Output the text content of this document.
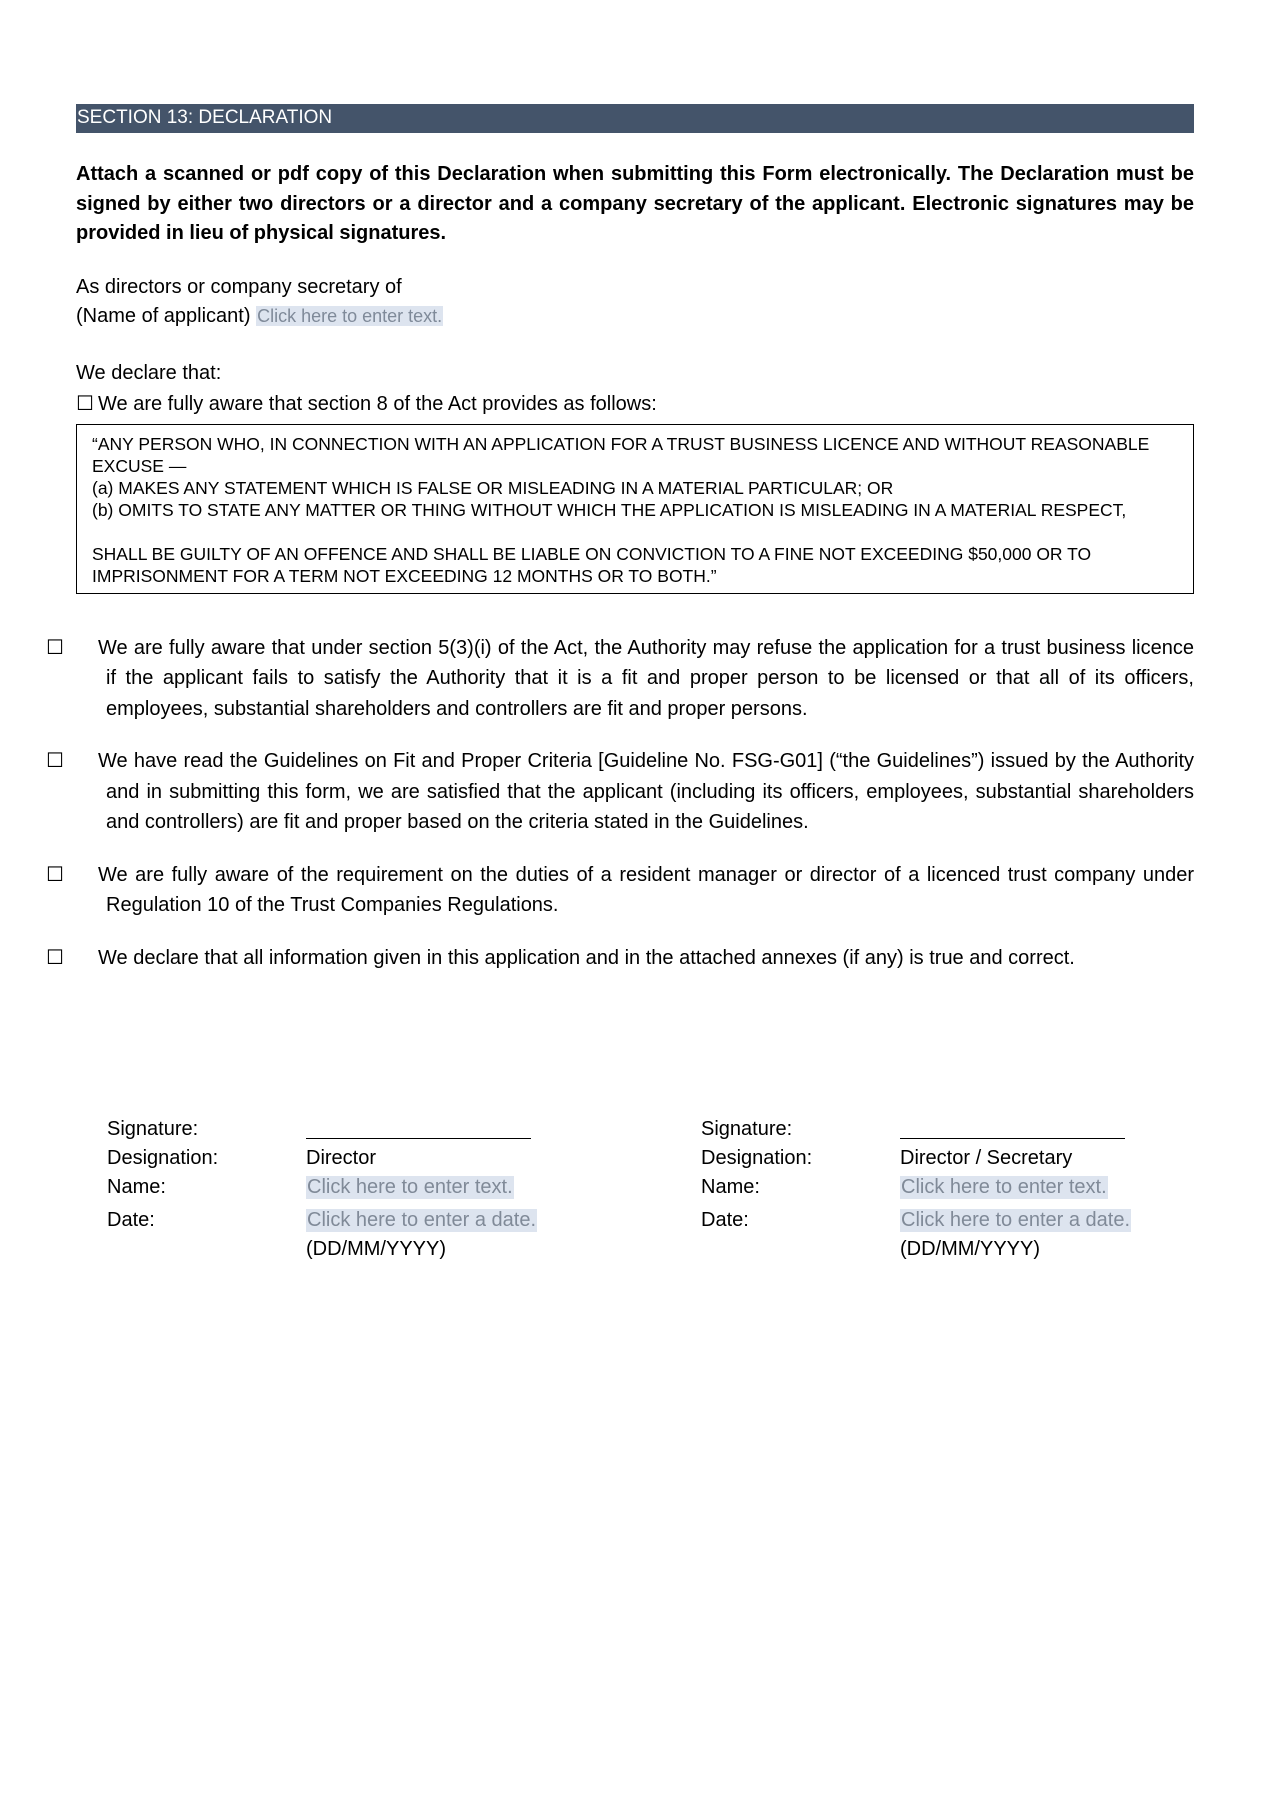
SECTION 13: DECLARATION
Attach a scanned or pdf copy of this Declaration when submitting this Form electronically. The Declaration must be signed by either two directors or a director and a company secretary of the applicant. Electronic signatures may be provided in lieu of physical signatures.
As directors or company secretary of
(Name of applicant) Click here to enter text.
We declare that:
☐ We are fully aware that section 8 of the Act provides as follows:
“ANY PERSON WHO, IN CONNECTION WITH AN APPLICATION FOR A TRUST BUSINESS LICENCE AND WITHOUT REASONABLE EXCUSE —
(a) MAKES ANY STATEMENT WHICH IS FALSE OR MISLEADING IN A MATERIAL PARTICULAR; OR
(b) OMITS TO STATE ANY MATTER OR THING WITHOUT WHICH THE APPLICATION IS MISLEADING IN A MATERIAL RESPECT,
SHALL BE GUILTY OF AN OFFENCE AND SHALL BE LIABLE ON CONVICTION TO A FINE NOT EXCEEDING $50,000 OR TO IMPRISONMENT FOR A TERM NOT EXCEEDING 12 MONTHS OR TO BOTH.”
☐ We are fully aware that under section 5(3)(i) of the Act, the Authority may refuse the application for a trust business licence if the applicant fails to satisfy the Authority that it is a fit and proper person to be licensed or that all of its officers, employees, substantial shareholders and controllers are fit and proper persons.
☐ We have read the Guidelines on Fit and Proper Criteria [Guideline No. FSG-G01] (“the Guidelines”) issued by the Authority and in submitting this form, we are satisfied that the applicant (including its officers, employees, substantial shareholders and controllers) are fit and proper based on the criteria stated in the Guidelines.
☐ We are fully aware of the requirement on the duties of a resident manager or director of a licenced trust company under Regulation 10 of the Trust Companies Regulations.
☐ We declare that all information given in this application and in the attached annexes (if any) is true and correct.
Signature:
Designation:	Director
Name:	Click here to enter text.
Date:	Click here to enter a date.
(DD/MM/YYYY)
Signature:
Designation:	Director / Secretary
Name:	Click here to enter text.
Date:	Click here to enter a date.
(DD/MM/YYYY)
